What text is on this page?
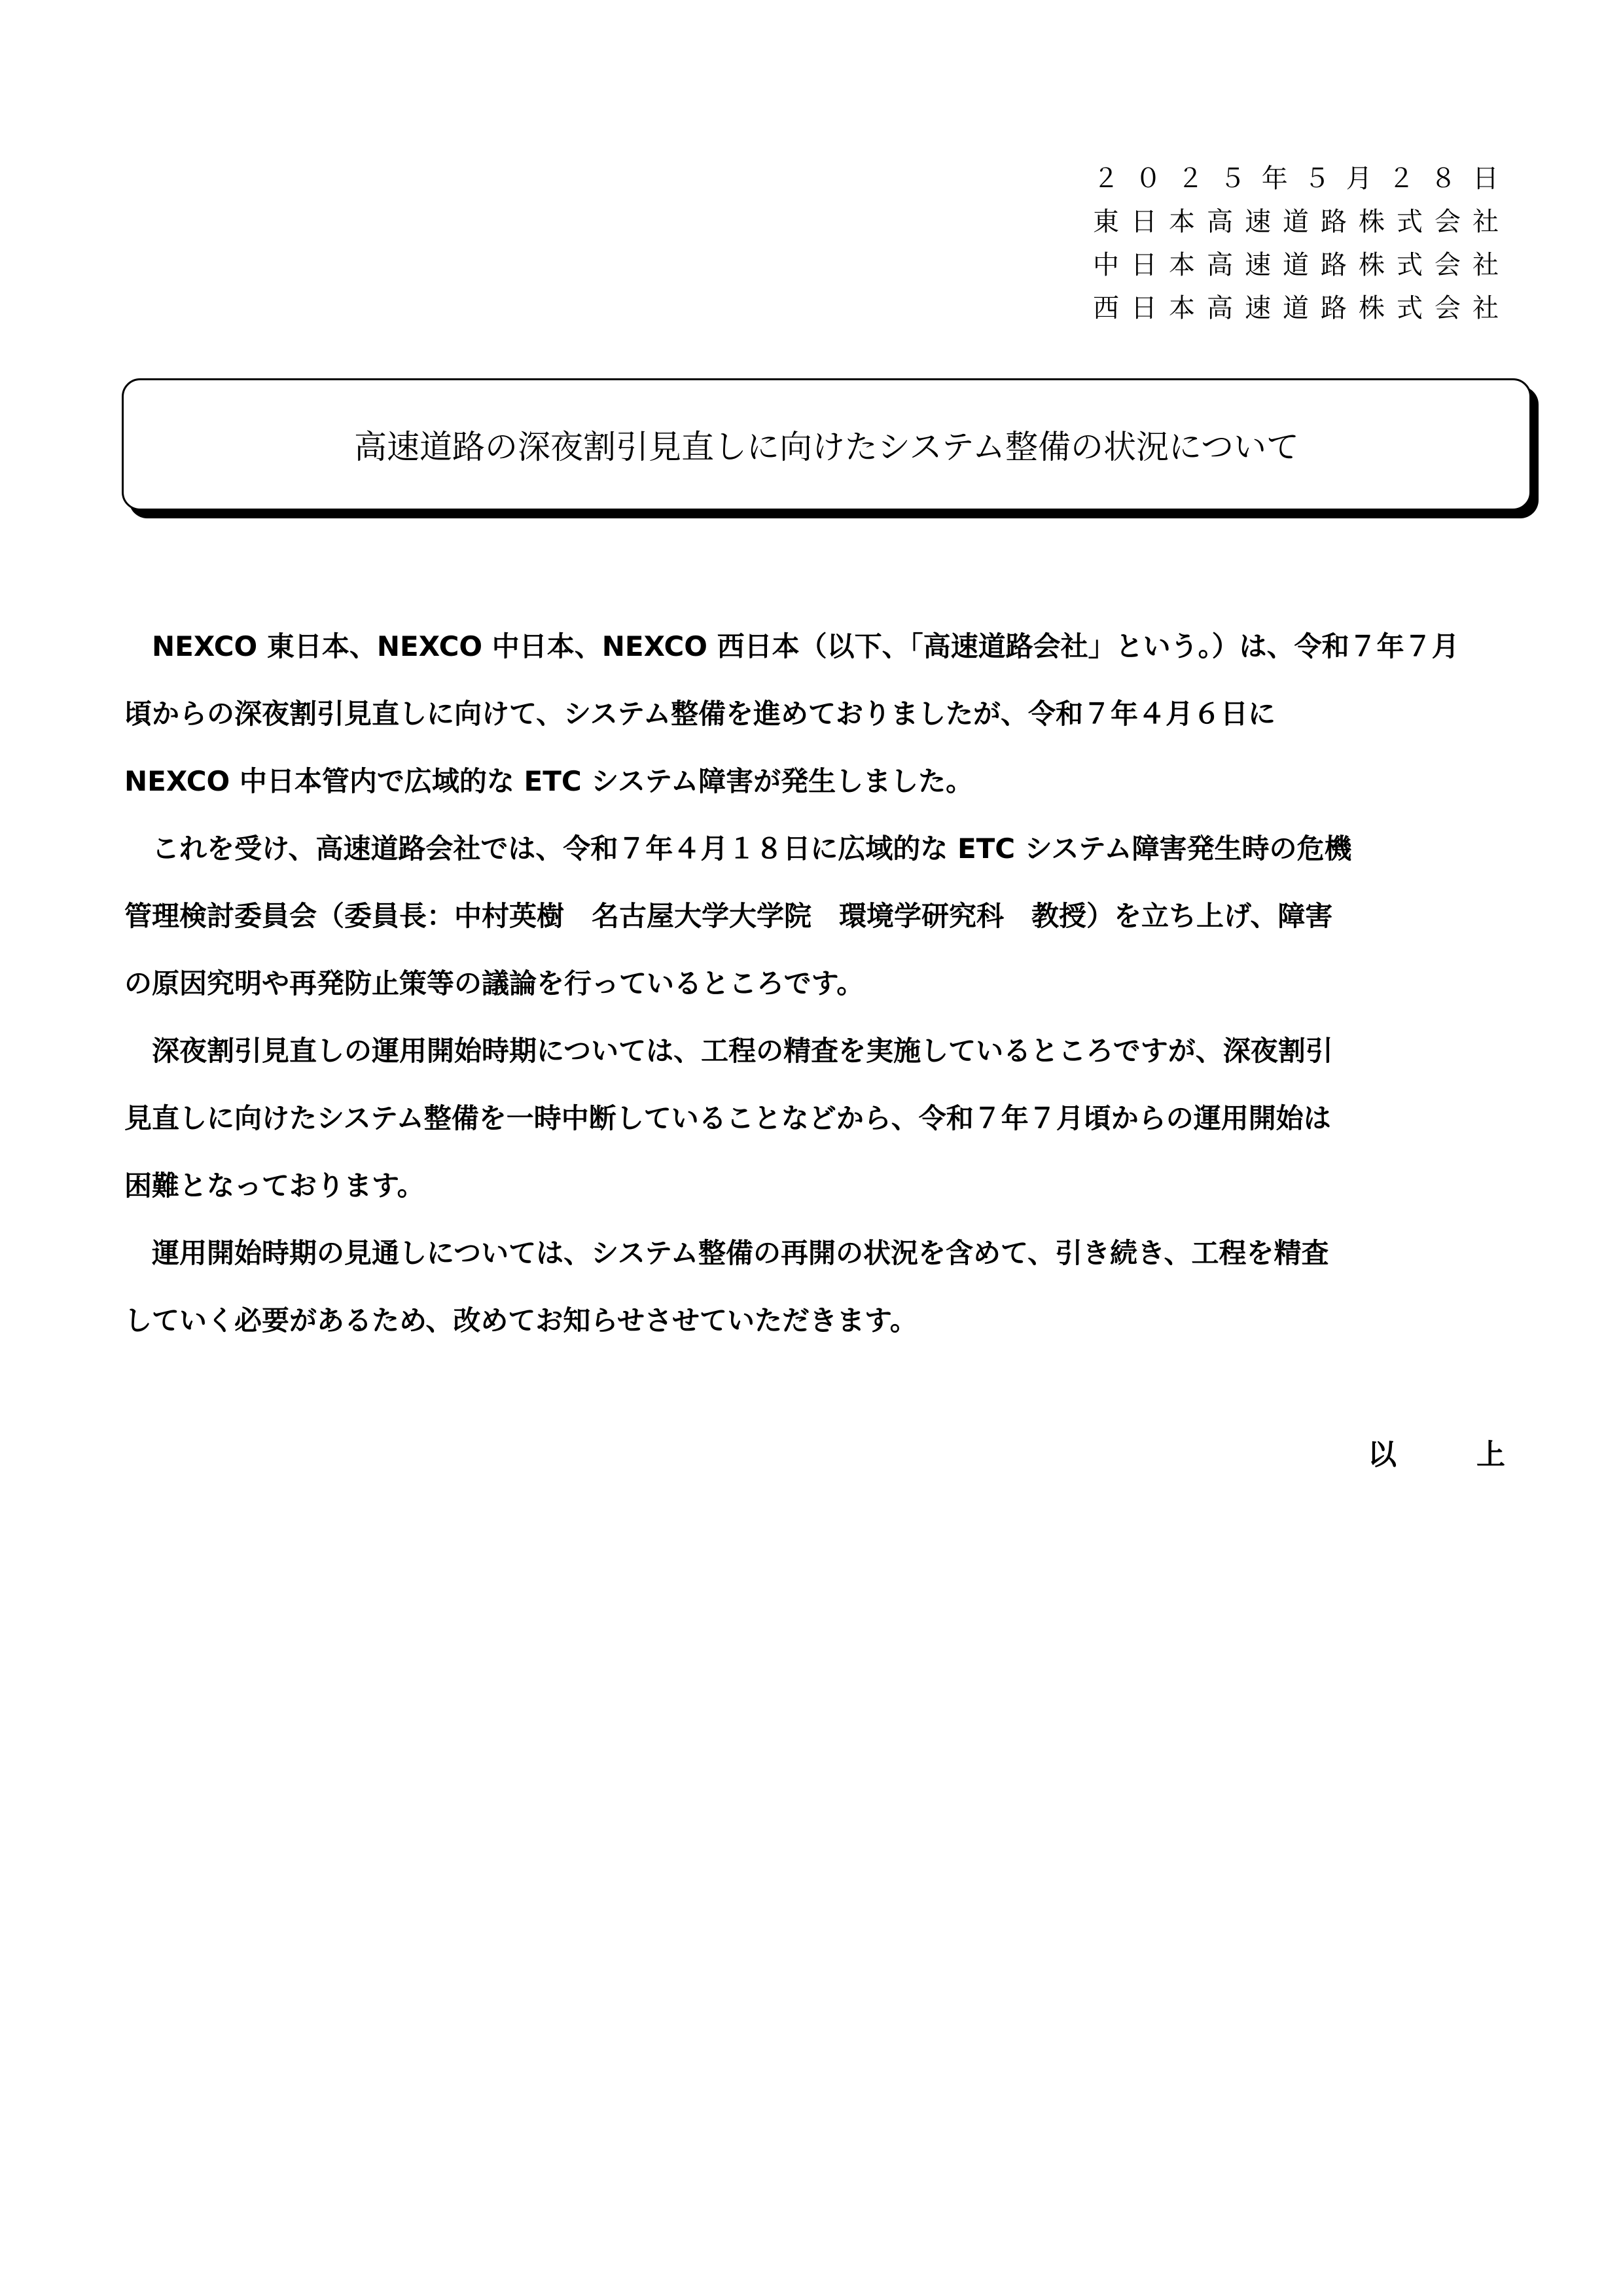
２０２５年５月２８日
東日本高速道路株式会社
中日本高速道路株式会社
西日本高速道路株式会社
高速道路の深夜割引見直しに向けたシステム整備の状況について
　NEXCO 東日本、NEXCO 中日本、NEXCO 西日本（以下、「高速道路会社」という。）は、令和７年７月
頃からの深夜割引見直しに向けて、システム整備を進めておりましたが、令和７年４月６日に
NEXCO 中日本管内で広域的な ETC システム障害が発生しました。
　これを受け、高速道路会社では、令和７年４月１８日に広域的な ETC システム障害発生時の危機
管理検討委員会（委員長：中村英樹　名古屋大学大学院　環境学研究科　教授）を立ち上げ、障害
の原因究明や再発防止策等の議論を行っているところです。
　深夜割引見直しの運用開始時期については、工程の精査を実施しているところですが、深夜割引
見直しに向けたシステム整備を一時中断していることなどから、令和７年７月頃からの運用開始は
困難となっております。
　運用開始時期の見通しについては、システム整備の再開の状況を含めて、引き続き、工程を精査
していく必要があるため、改めてお知らせさせていただきます。
以　上
